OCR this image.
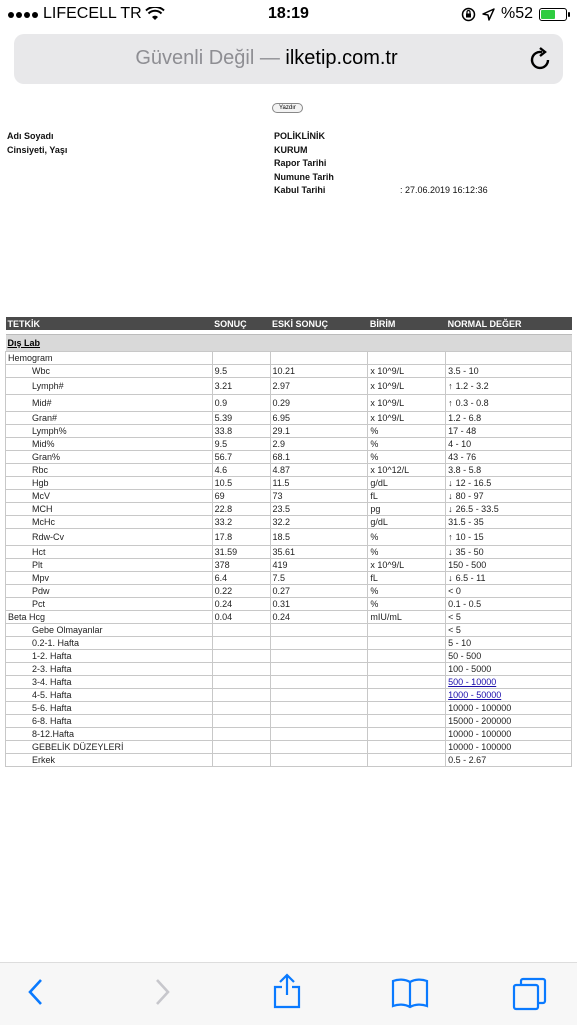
LIFECELL TR	18:19	%52
Güvenli Değil — ilketip.com.tr
Yazdır
Adı Soyadı
Cinsiyeti, Yaşı
POLİKLİNİK
KURUM
Rapor Tarihi
Numune Tarih
Kabul Tarihi	: 27.06.2019 16:12:36
TETKİK	SONUÇ	ESKİ SONUÇ	BİRİM	NORMAL DEĞER

Dış Lab				
Hemogram				
Wbc	9.5	10.21	x 10^9/L	3.5 - 10
Lymph#	3.21	2.97	x 10^9/L	↑ 1.2 - 3.2
Mid#	0.9	0.29	x 10^9/L	↑ 0.3 - 0.8
Gran#	5.39	6.95	x 10^9/L	1.2 - 6.8
Lymph%	33.8	29.1	%	17 - 48
Mid%	9.5	2.9	%	4 - 10
Gran%	56.7	68.1	%	43 - 76
Rbc	4.6	4.87	x 10^12/L	3.8 - 5.8
Hgb	10.5	11.5	g/dL	↓ 12 - 16.5
McV	69	73	fL	↓ 80 - 97
MCH	22.8	23.5	pg	↓ 26.5 - 33.5
McHc	33.2	32.2	g/dL	31.5 - 35
Rdw-Cv	17.8	18.5	%	↑ 10 - 15
Hct	31.59	35.61	%	↓ 35 - 50
Plt	378	419	x 10^9/L	150 - 500
Mpv	6.4	7.5	fL	↓ 6.5 - 11
Pdw	0.22	0.27	%	< 0
Pct	0.24	0.31	%	0.1 - 0.5
Beta Hcg	0.04	0.24	mIU/mL	< 5
Gebe Olmayanlar				< 5
0.2-1. Hafta				5 - 10
1-2. Hafta				50 - 500
2-3. Hafta				100 - 5000
3-4. Hafta				500 - 10000
4-5. Hafta				1000 - 50000
5-6. Hafta				10000 - 100000
6-8. Hafta				15000 - 200000
8-12.Hafta				10000 - 100000
GEBELİK DÜZEYLERİ				10000 - 100000
Erkek				0.5 - 2.67
